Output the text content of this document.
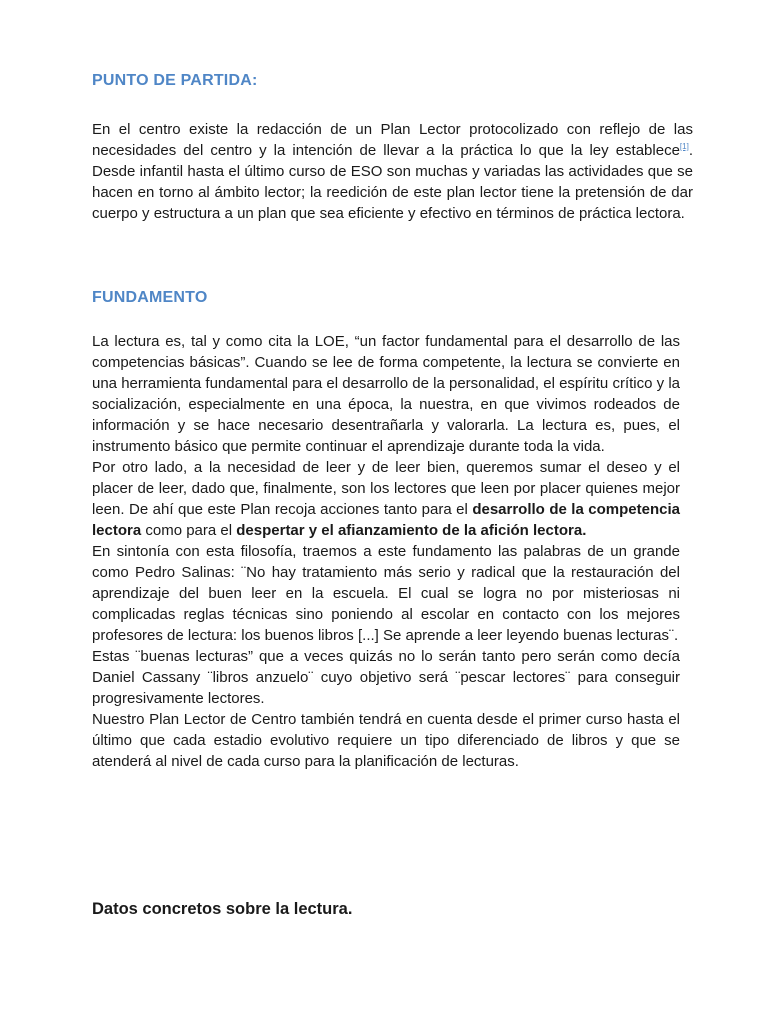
PUNTO DE PARTIDA:

En el centro existe la redacción de un Plan Lector protocolizado con reflejo de las necesidades del centro y la intención de llevar a la práctica lo que la ley establece[1]. Desde infantil hasta el último curso de ESO son muchas y variadas las actividades que se hacen en torno al ámbito lector; la reedición de este plan lector tiene la pretensión de dar cuerpo y estructura a un plan que sea eficiente y efectivo en términos de práctica lectora.

FUNDAMENTO

La lectura es, tal y como cita la LOE, “un factor fundamental para el desarrollo de las competencias básicas”. Cuando se lee de forma competente, la lectura se convierte en una herramienta fundamental para el desarrollo de la personalidad, el espíritu crítico y la socialización, especialmente en una época, la nuestra, en que vivimos rodeados de información y se hace necesario desentrañarla y valorarla. La lectura es, pues, el instrumento básico que permite continuar el aprendizaje durante toda la vida.

Por otro lado, a la necesidad de leer y de leer bien, queremos sumar el deseo y el placer de leer, dado que, finalmente, son los lectores que leen por placer quienes mejor leen. De ahí que este Plan recoja acciones tanto para el desarrollo de la competencia lectora como para el despertar y el afianzamiento de la afición lectora.

En sintonía con esta filosofía, traemos a este fundamento las palabras de un grande como Pedro Salinas: ¨No hay tratamiento más serio y radical que la restauración del aprendizaje del buen leer en la escuela. El cual se logra no por misteriosas ni complicadas reglas técnicas sino poniendo al escolar en contacto con los mejores profesores de lectura: los buenos libros [...] Se aprende a leer leyendo buenas lecturas¨.

Estas ¨buenas lecturas” que a veces quizás no lo serán tanto pero serán como decía Daniel Cassany ¨libros anzuelo¨ cuyo objetivo será ¨pescar lectores¨ para conseguir progresivamente lectores.

Nuestro Plan Lector de Centro también tendrá en cuenta desde el primer curso hasta el último que cada estadio evolutivo requiere un tipo diferenciado de libros y que se atenderá al nivel de cada curso para la planificación de lecturas.

Datos concretos sobre la lectura.
